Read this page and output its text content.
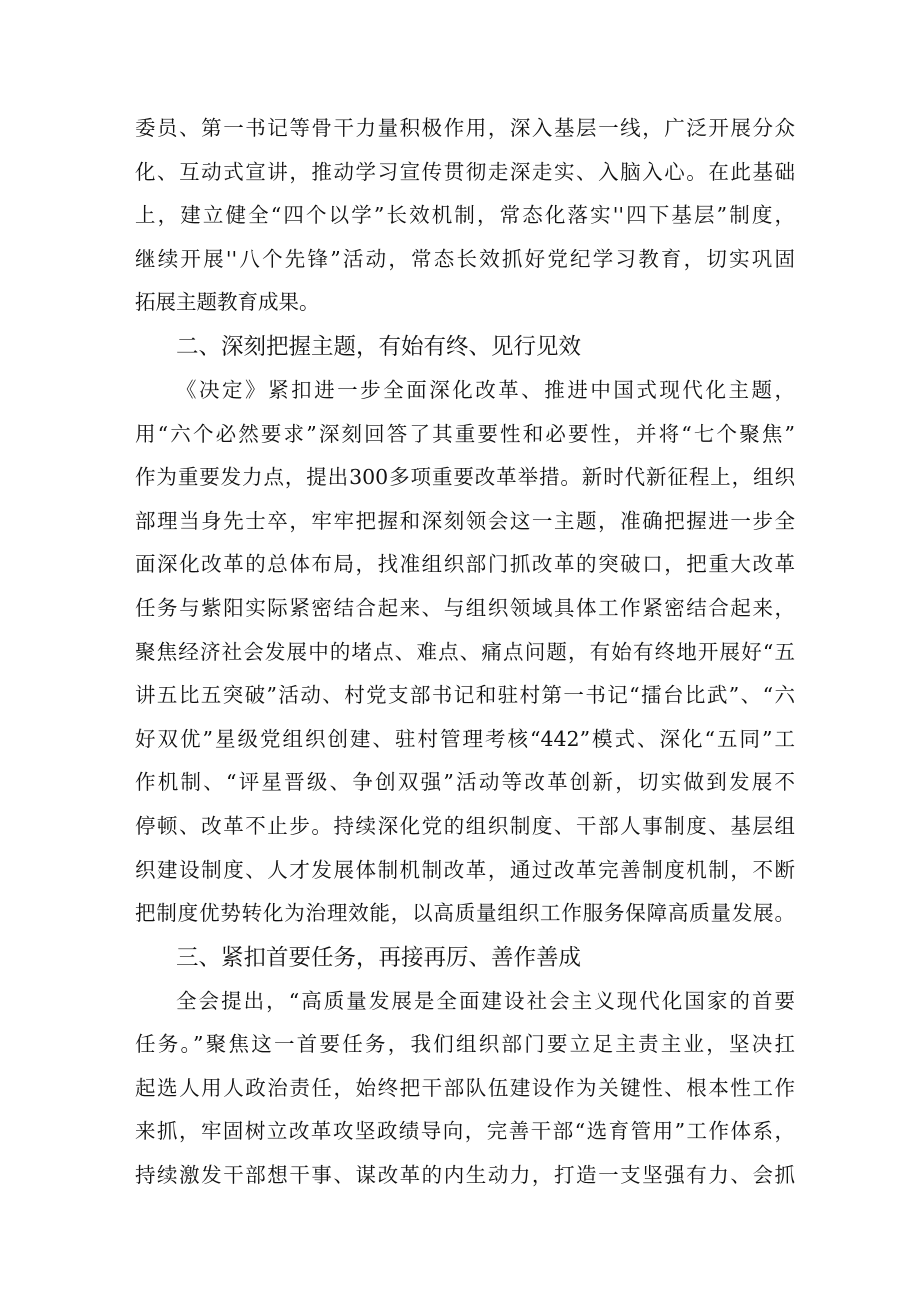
委员、第一书记等骨干力量积极作用，深入基层一线，广泛开展分众
化、互动式宣讲，推动学习宣传贯彻走深走实、入脑入心。在此基础
上，建立健全“四个以学”长效机制，常态化落实''四下基层”制度，
继续开展''八个先锋”活动，常态长效抓好党纪学习教育，切实巩固
拓展主题教育成果。
二、深刻把握主题，有始有终、见行见效
《决定》紧扣进一步全面深化改革、推进中国式现代化主题，
用“六个必然要求”深刻回答了其重要性和必要性，并将“七个聚焦”
作为重要发力点，提出300多项重要改革举措。新时代新征程上，组织
部理当身先士卒，牢牢把握和深刻领会这一主题，准确把握进一步全
面深化改革的总体布局，找准组织部门抓改革的突破口，把重大改革
任务与紫阳实际紧密结合起来、与组织领域具体工作紧密结合起来，
聚焦经济社会发展中的堵点、难点、痛点问题，有始有终地开展好“五
讲五比五突破”活动、村党支部书记和驻村第一书记“擂台比武”、“六
好双优”星级党组织创建、驻村管理考核“442”模式、深化“五同”工
作机制、“评星晋级、争创双强”活动等改革创新，切实做到发展不
停顿、改革不止步。持续深化党的组织制度、干部人事制度、基层组
织建设制度、人才发展体制机制改革，通过改革完善制度机制，不断
把制度优势转化为治理效能，以高质量组织工作服务保障高质量发展。
三、紧扣首要任务，再接再厉、善作善成
全会提出，“高质量发展是全面建设社会主义现代化国家的首要
任务。”聚焦这一首要任务，我们组织部门要立足主责主业，坚决扛
起选人用人政治责任，始终把干部队伍建设作为关键性、根本性工作
来抓，牢固树立改革攻坚政绩导向，完善干部“选育管用”工作体系，
持续激发干部想干事、谋改革的内生动力，打造一支坚强有力、会抓
